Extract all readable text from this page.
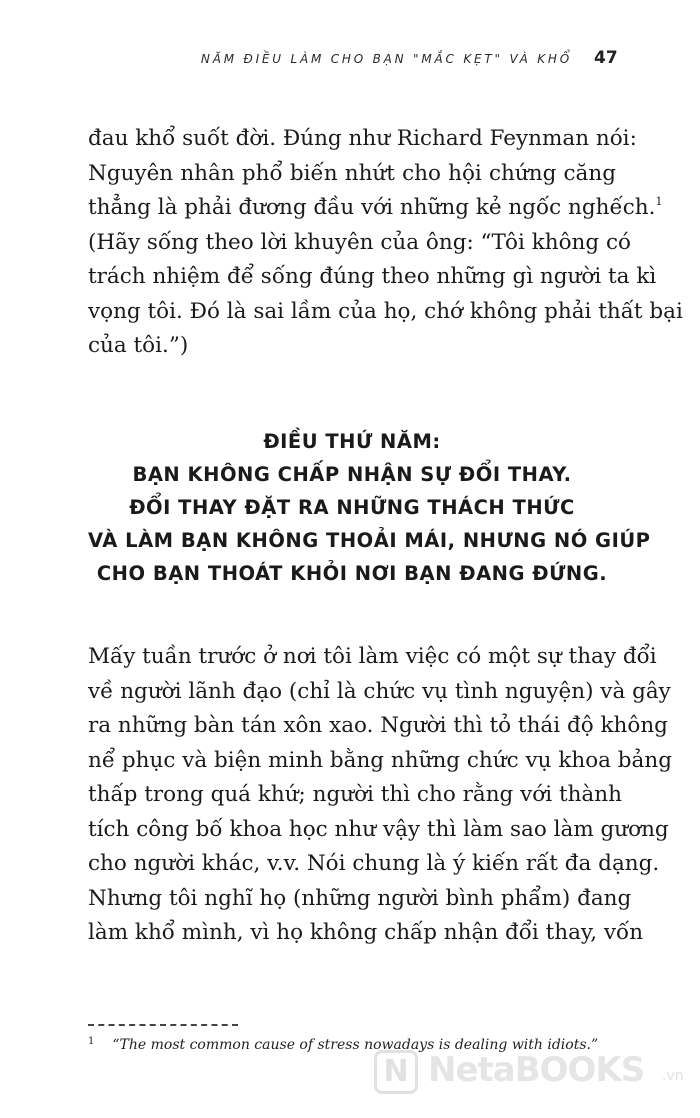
NĂM ĐIỀU LÀM CHO BẠN "MẮC KẸT" VÀ KHỔ 47
đau khổ suốt đời. Đúng như Richard Feynman nói:
Nguyên nhân phổ biến nhứt cho hội chứng căng
thẳng là phải đương đầu với những kẻ ngốc nghếch.$^1$
(Hãy sống theo lời khuyên của ông: “Tôi không có
trách nhiệm để sống đúng theo những gì người ta kì
vọng tôi. Đó là sai lầm của họ, chớ không phải thất bại
của tôi.”)
ĐIỀU THỨ NĂM:
BẠN KHÔNG CHẤP NHẬN SỰ ĐỔI THAY.
ĐỔI THAY ĐẶT RA NHỮNG THÁCH THỨC
VÀ LÀM BẠN KHÔNG THOẢI MÁI, NHƯNG NÓ GIÚP
CHO BẠN THOÁT KHỎI NƠI BẠN ĐANG ĐỨNG.
Mấy tuần trước ở nơi tôi làm việc có một sự thay đổi
về người lãnh đạo (chỉ là chức vụ tình nguyện) và gây
ra những bàn tán xôn xao. Người thì tỏ thái độ không
nể phục và biện minh bằng những chức vụ khoa bảng
thấp trong quá khứ; người thì cho rằng với thành
tích công bố khoa học như vậy thì làm sao làm gương
cho người khác, v.v. Nói chung là ý kiến rất đa dạng.
Nhưng tôi nghĩ họ (những người bình phẩm) đang
làm khổ mình, vì họ không chấp nhận đổi thay, vốn
$^1$ “The most common cause of stress nowadays is dealing with idiots.”
N NetaBOOKS .vn
